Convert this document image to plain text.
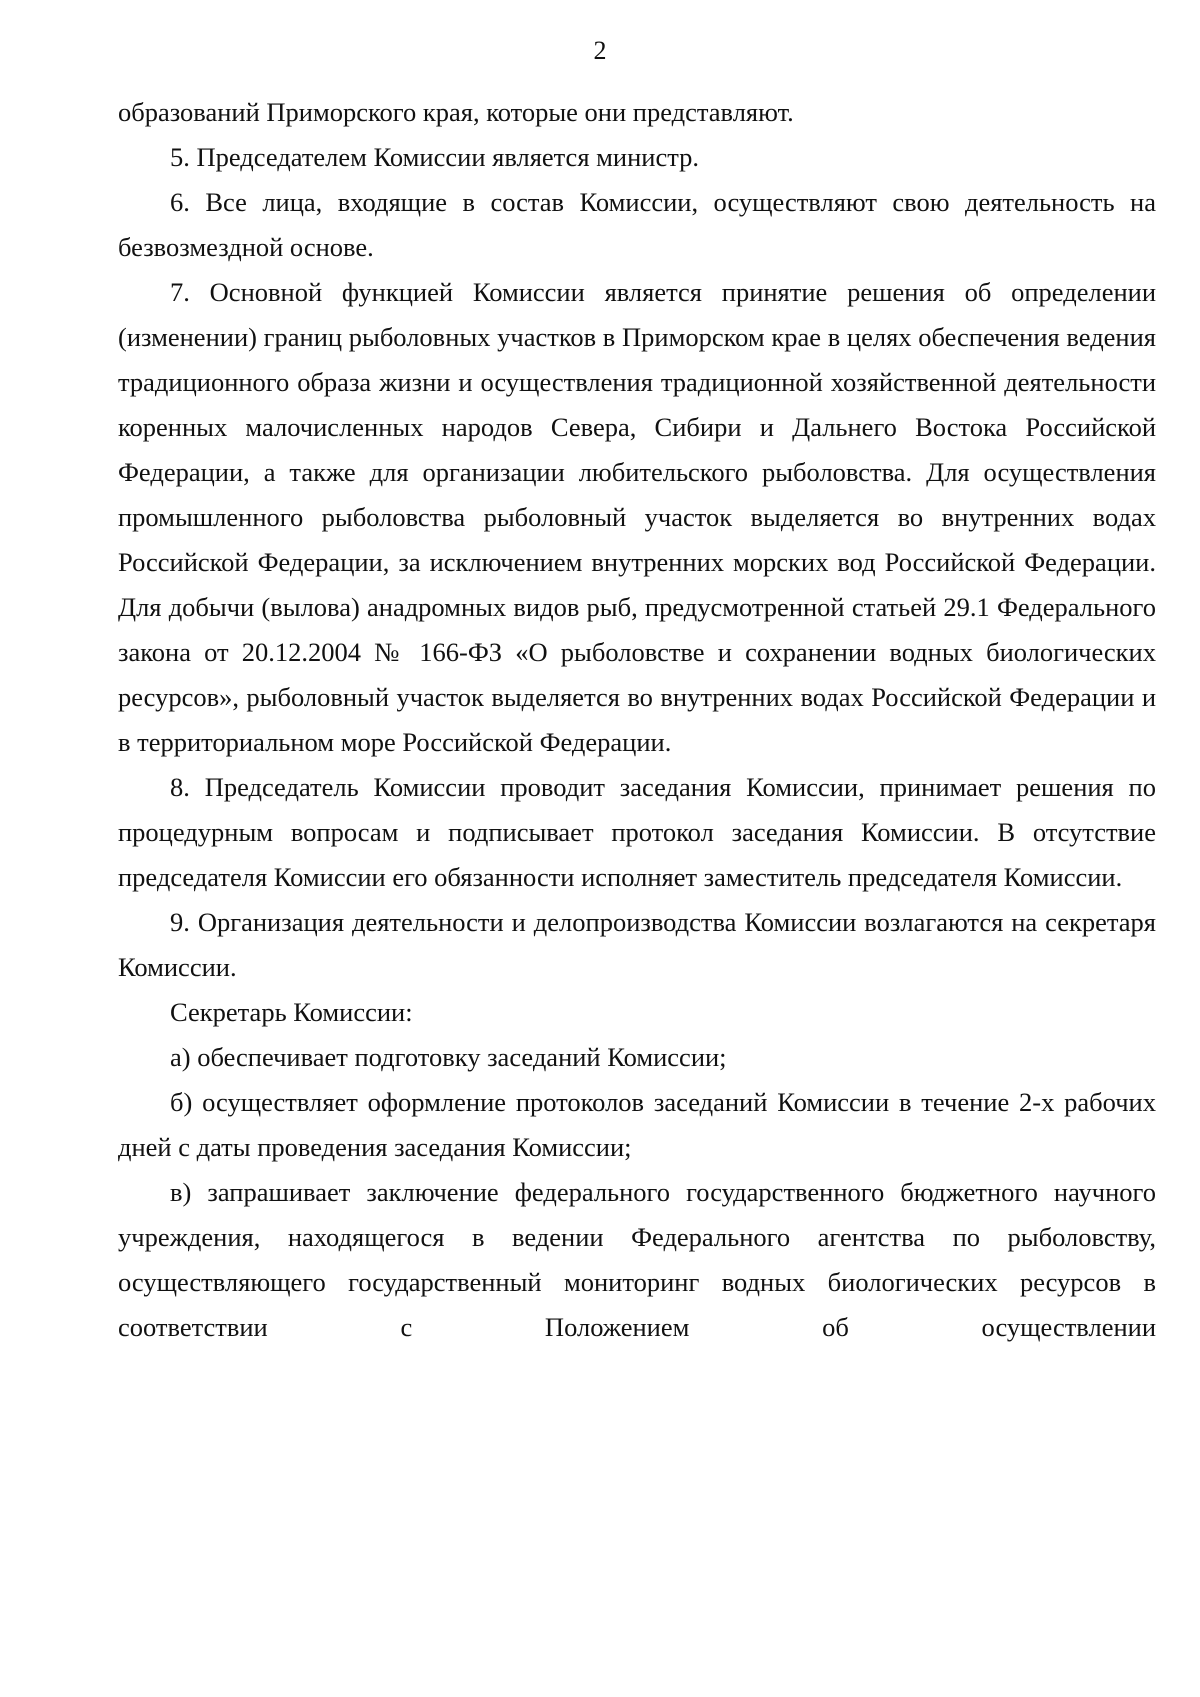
2

образований Приморского края, которые они представляют.

5. Председателем Комиссии является министр.

6. Все лица, входящие в состав Комиссии, осуществляют свою деятельность на безвозмездной основе.

7. Основной функцией Комиссии является принятие решения об определении (изменении) границ рыболовных участков в Приморском крае в целях обеспечения ведения традиционного образа жизни и осуществления традиционной хозяйственной деятельности коренных малочисленных народов Севера, Сибири и Дальнего Востока Российской Федерации, а также для организации любительского рыболовства. Для осуществления промышленного рыболовства рыболовный участок выделяется во внутренних водах Российской Федерации, за исключением внутренних морских вод Российской Федерации. Для добычи (вылова) анадромных видов рыб, предусмотренной статьей 29.1 Федерального закона от 20.12.2004 № 166-ФЗ «О рыболовстве и сохранении водных биологических ресурсов», рыболовный участок выделяется во внутренних водах Российской Федерации и в территориальном море Российской Федерации.

8. Председатель Комиссии проводит заседания Комиссии, принимает решения по процедурным вопросам и подписывает протокол заседания Комиссии. В отсутствие председателя Комиссии его обязанности исполняет заместитель председателя Комиссии.

9. Организация деятельности и делопроизводства Комиссии возлагаются на секретаря Комиссии.

Секретарь Комиссии:

а) обеспечивает подготовку заседаний Комиссии;

б) осуществляет оформление протоколов заседаний Комиссии в течение 2-х рабочих дней с даты проведения заседания Комиссии;

в) запрашивает заключение федерального государственного бюджетного научного учреждения, находящегося в ведении Федерального агентства по рыболовству, осуществляющего государственный мониторинг водных биологических ресурсов в соответствии с Положением об осуществлении
